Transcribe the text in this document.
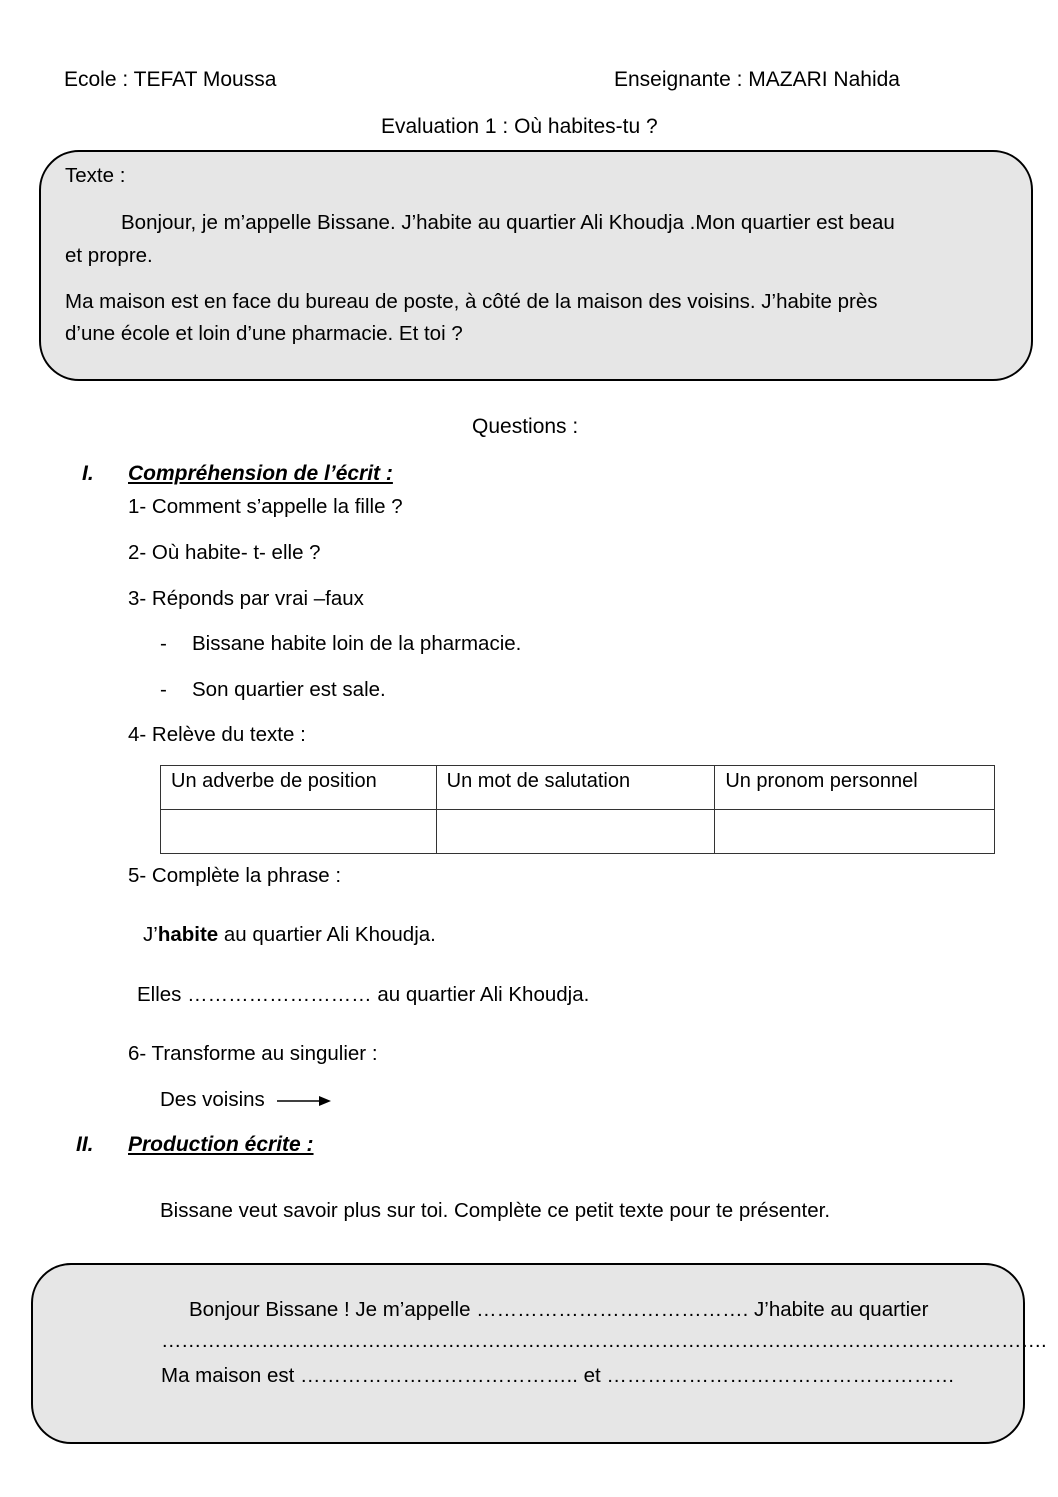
Ecole : TEFAT Moussa	Enseignante : MAZARI Nahida
Evaluation 1 : Où habites-tu ?
Texte :
Bonjour, je m’appelle Bissane. J’habite au quartier Ali Khoudja .Mon quartier est beau
et propre.
Ma maison est en face du bureau de poste, à côté de la maison des voisins. J’habite près
d’une école et loin d’une pharmacie. Et toi ?
Questions :
I. Compréhension de l’écrit :
1- Comment s’appelle la fille ?
2- Où habite- t- elle ?
3- Réponds par vrai –faux
- Bissane habite loin de la pharmacie.
- Son quartier est sale.
4- Relève du texte :
Un adverbe de position	Un mot de salutation	Un pronom personnel

5- Complète la phrase :
J’habite au quartier Ali Khoudja.
Elles ……………………… au quartier Ali Khoudja.
6- Transforme au singulier :
Des voisins
II. Production écrite :
Bissane veut savoir plus sur toi. Complète ce petit texte pour te présenter.
Bonjour Bissane ! Je m’appelle …………………………………. J’habite au quartier
…………………………………………………………………………………………………………………….
Ma maison est ………………………………….. et ……………………………………………
